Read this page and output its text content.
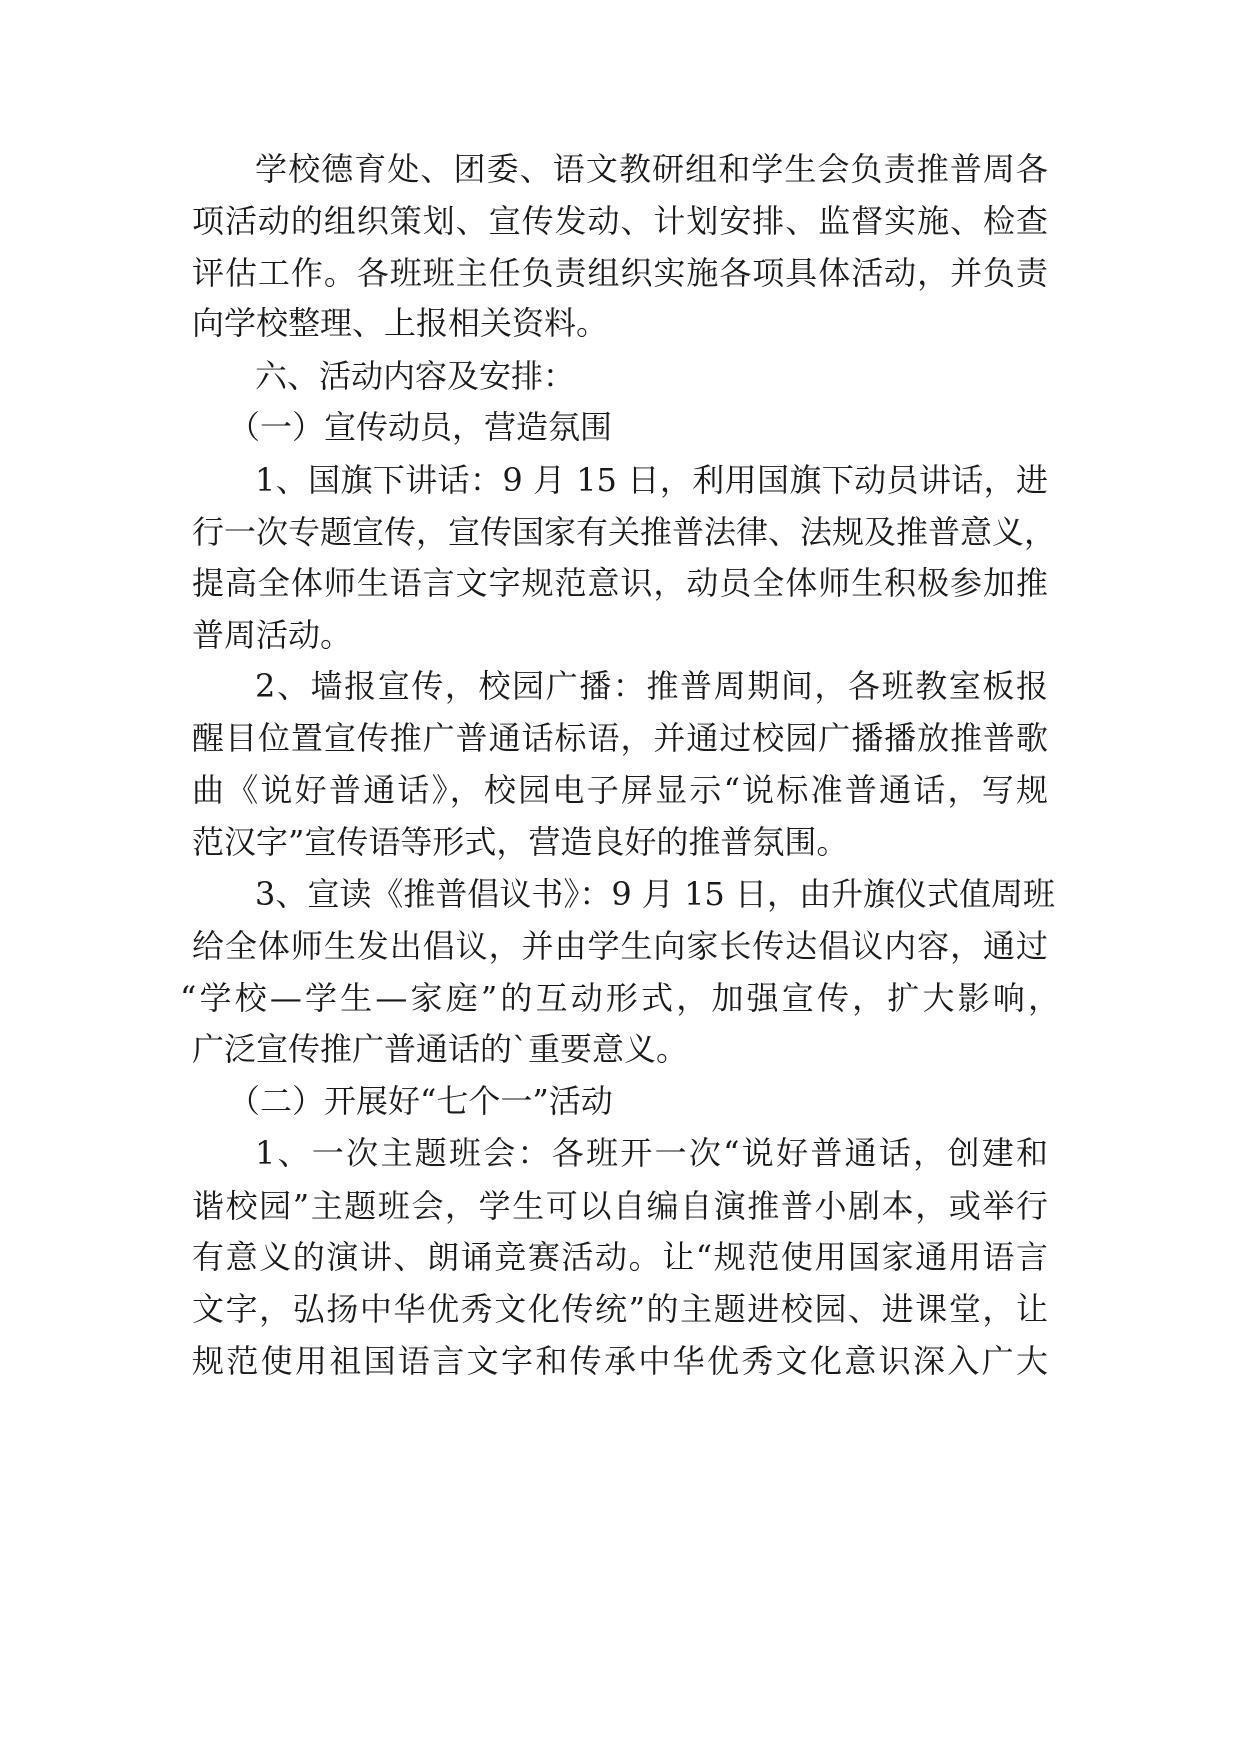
学校德育处、团委、语文教研组和学生会负责推普周各
项活动的组织策划、宣传发动、计划安排、监督实施、检查
评估工作。各班班主任负责组织实施各项具体活动，并负责
向学校整理、上报相关资料。
六、活动内容及安排：
（一）宣传动员，营造氛围
1、国旗下讲话：9 月 15 日，利用国旗下动员讲话，进
行一次专题宣传，宣传国家有关推普法律、法规及推普意义，
提高全体师生语言文字规范意识，动员全体师生积极参加推
普周活动。
2、墙报宣传，校园广播：推普周期间，各班教室板报
醒目位置宣传推广普通话标语，并通过校园广播播放推普歌
曲《说好普通话》，校园电子屏显示“说标准普通话，写规
范汉字”宣传语等形式，营造良好的推普氛围。
3、宣读《推普倡议书》：9 月 15 日，由升旗仪式值周班
给全体师生发出倡议，并由学生向家长传达倡议内容，通过
“学校—学生—家庭”的互动形式，加强宣传，扩大影响，
广泛宣传推广普通话的`重要意义。
（二）开展好“七个一”活动
1、一次主题班会：各班开一次“说好普通话，创建和
谐校园”主题班会，学生可以自编自演推普小剧本，或举行
有意义的演讲、朗诵竞赛活动。让“规范使用国家通用语言
文字，弘扬中华优秀文化传统”的主题进校园、进课堂，让
规范使用祖国语言文字和传承中华优秀文化意识深入广大
